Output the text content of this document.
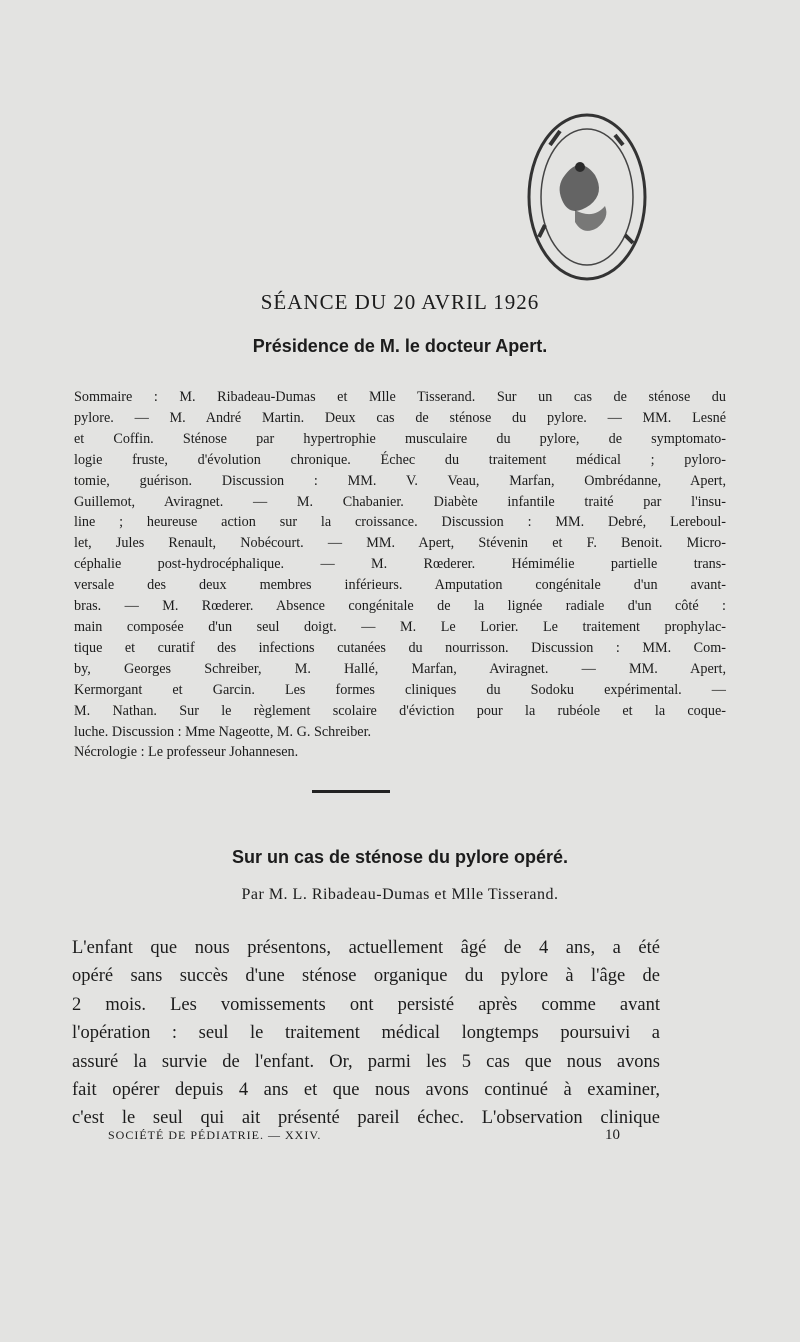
SÉANCE DU 20 AVRIL 1926
Présidence de M. le docteur Apert.
Sommaire : M. Ribadeau-Dumas et Mlle Tisserand. Sur un cas de sténose du
pylore. — M. André Martin. Deux cas de sténose du pylore. — MM. Lesné
et Coffin. Sténose par hypertrophie musculaire du pylore, de symptomato-
logie fruste, d'évolution chronique. Échec du traitement médical ; pyloro-
tomie, guérison. Discussion : MM. V. Veau, Marfan, Ombrédanne, Apert,
Guillemot, Aviragnet. — M. Chabanier. Diabète infantile traité par l'insu-
line ; heureuse action sur la croissance. Discussion : MM. Debré, Lereboul-
let, Jules Renault, Nobécourt. — MM. Apert, Stévenin et F. Benoit. Micro-
céphalie post-hydrocéphalique. — M. Rœderer. Hémimélie partielle trans-
versale des deux membres inférieurs. Amputation congénitale d'un avant-
bras. — M. Rœderer. Absence congénitale de la lignée radiale d'un côté :
main composée d'un seul doigt. — M. Le Lorier. Le traitement prophylac-
tique et curatif des infections cutanées du nourrisson. Discussion : MM. Com-
by, Georges Schreiber, M. Hallé, Marfan, Aviragnet. — MM. Apert,
Kermorgant et Garcin. Les formes cliniques du Sodoku expérimental. —
M. Nathan. Sur le règlement scolaire d'éviction pour la rubéole et la coque-
luche. Discussion : Mme Nageotte, M. G. Schreiber.
Nécrologie : Le professeur Johannesen.
Sur un cas de sténose du pylore opéré.
Par M. L. Ribadeau-Dumas et Mlle Tisserand.
L'enfant que nous présentons, actuellement âgé de 4 ans, a été
opéré sans succès d'une sténose organique du pylore à l'âge de
2 mois. Les vomissements ont persisté après comme avant
l'opération : seul le traitement médical longtemps poursuivi a
assuré la survie de l'enfant. Or, parmi les 5 cas que nous avons
fait opérer depuis 4 ans et que nous avons continué à examiner,
c'est le seul qui ait présenté pareil échec. L'observation clinique
SOCIÉTÉ DE PÉDIATRIE. — XXIV.	10
